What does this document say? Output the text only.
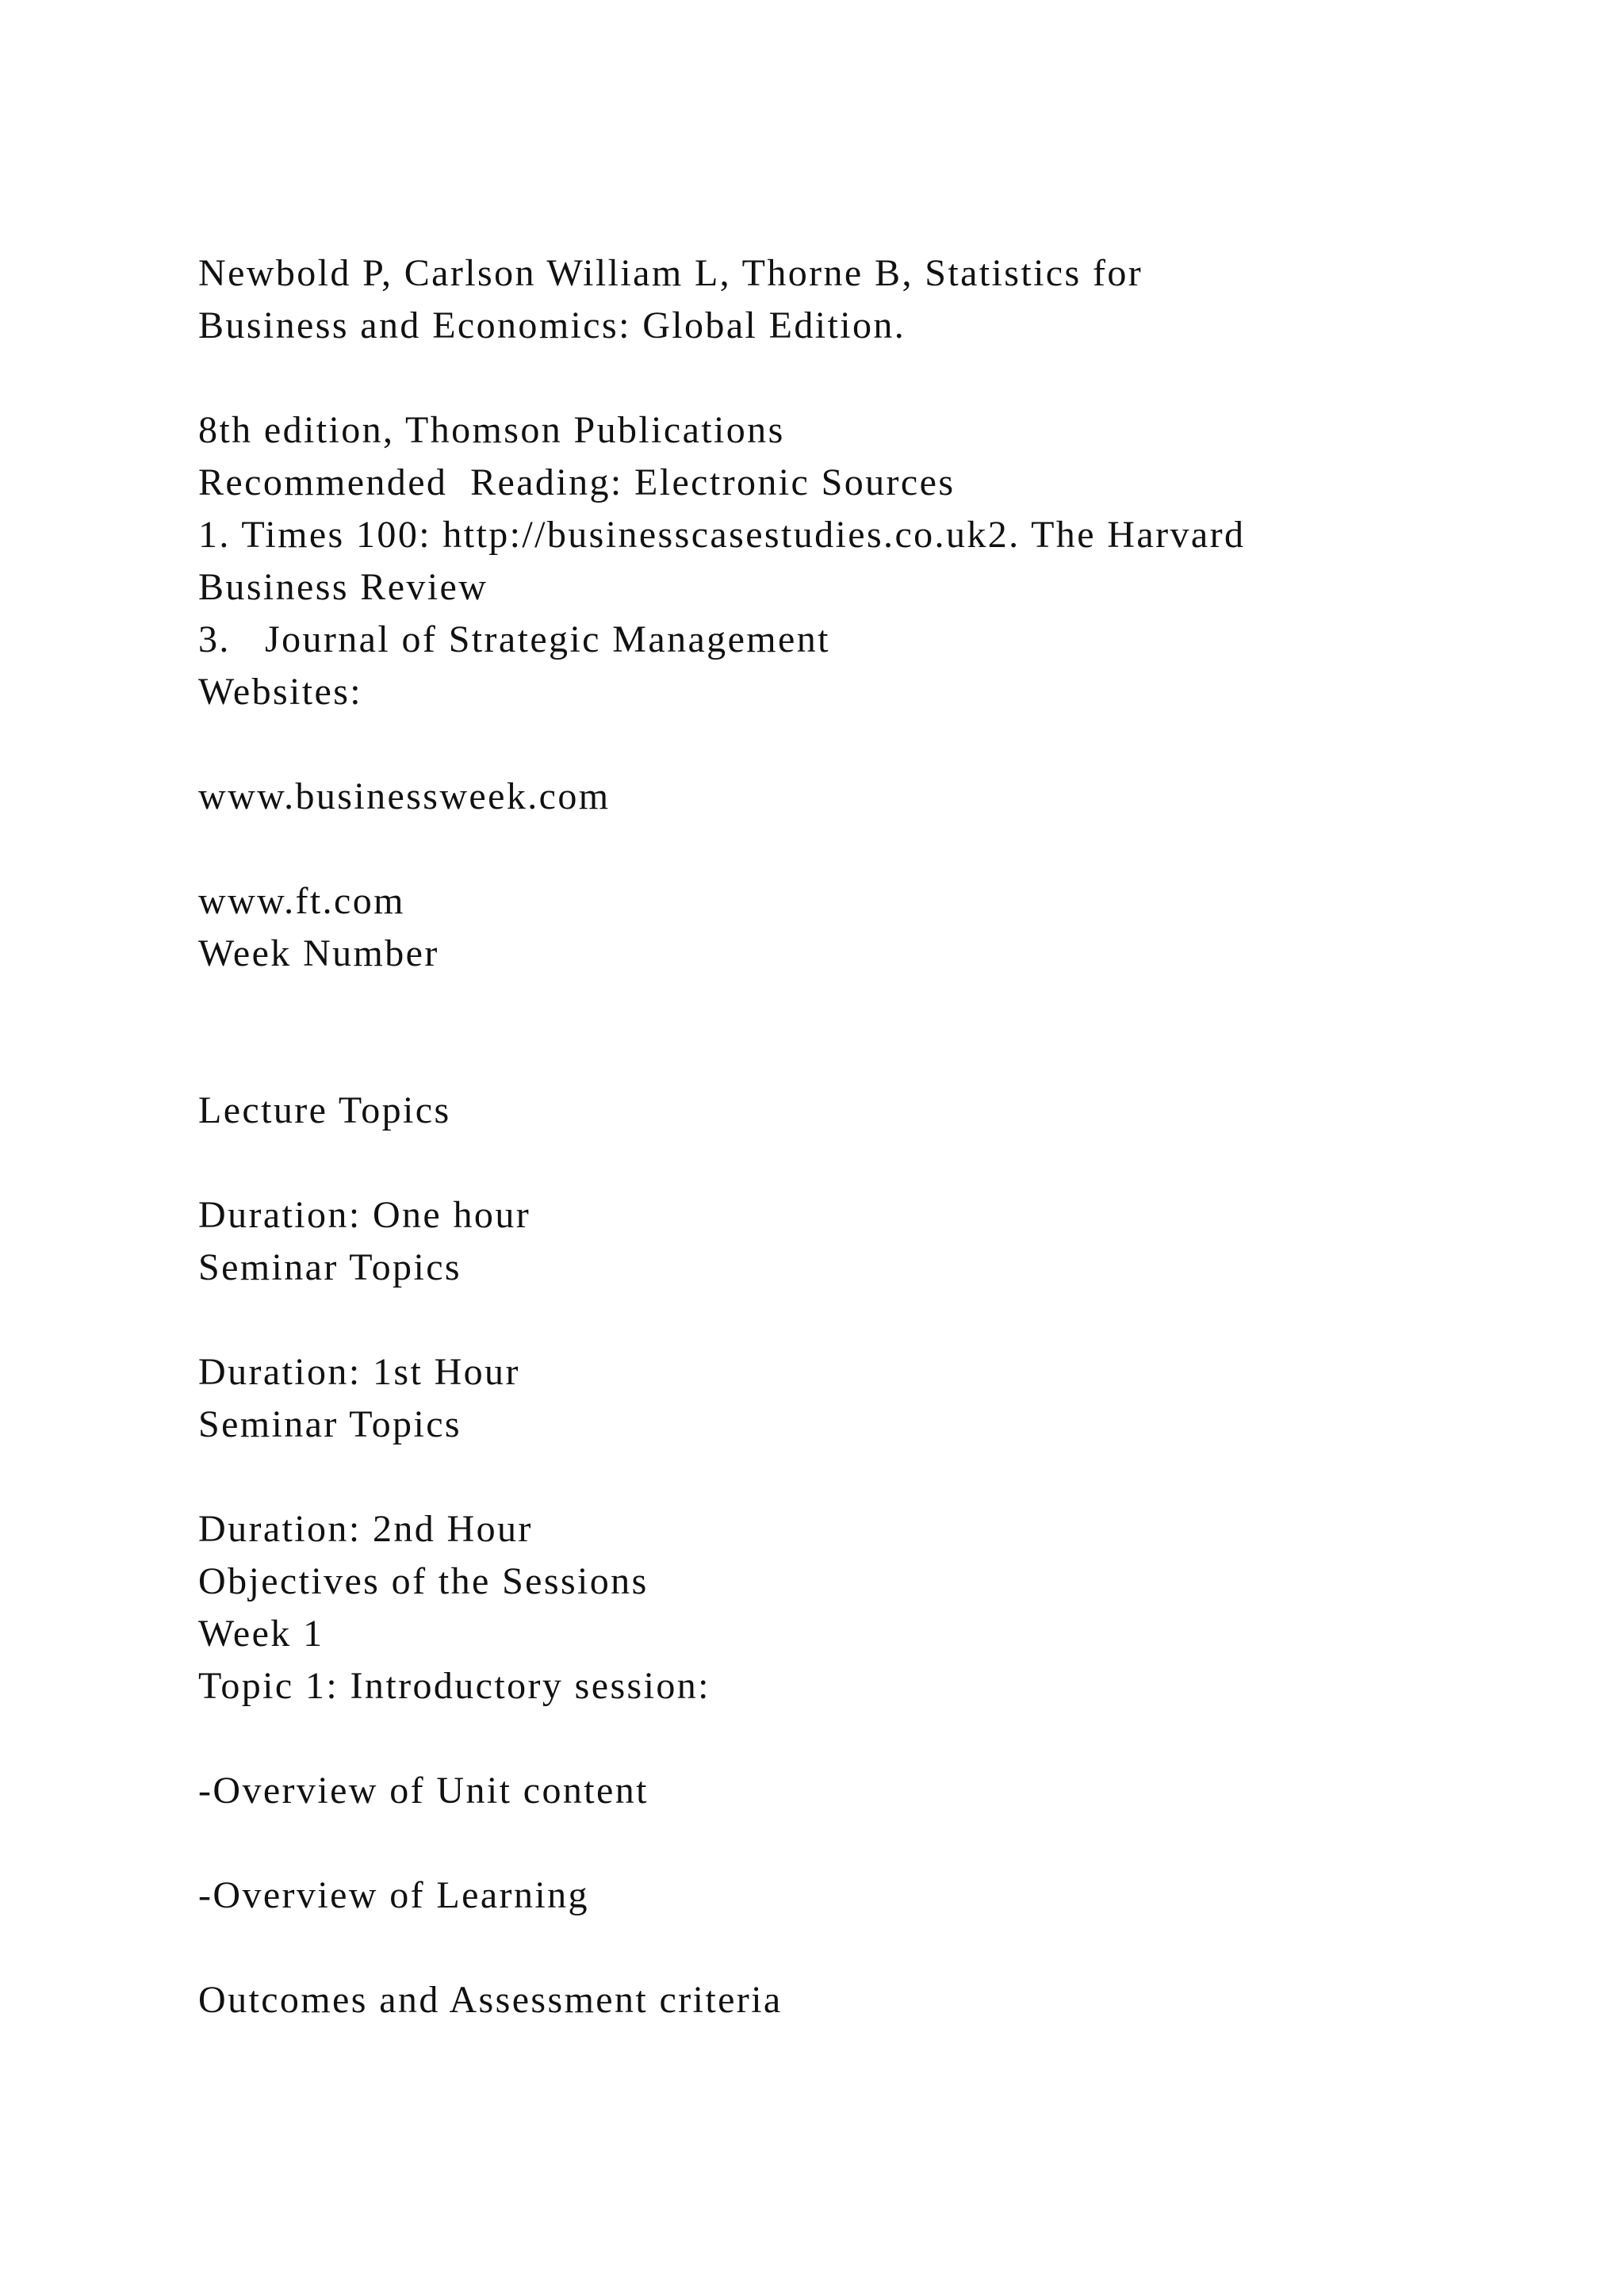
Newbold P, Carlson William L, Thorne B, Statistics for
Business and Economics: Global Edition.
8th edition, Thomson Publications
Recommended  Reading: Electronic Sources
1. Times 100: http://businesscasestudies.co.uk2. The Harvard
Business Review
3.   Journal of Strategic Management
Websites:
www.businessweek.com
www.ft.com
Week Number
Lecture Topics
Duration: One hour
Seminar Topics
Duration: 1st Hour
Seminar Topics
Duration: 2nd Hour
Objectives of the Sessions
Week 1
Topic 1: Introductory session:
-Overview of Unit content
-Overview of Learning
Outcomes and Assessment criteria
